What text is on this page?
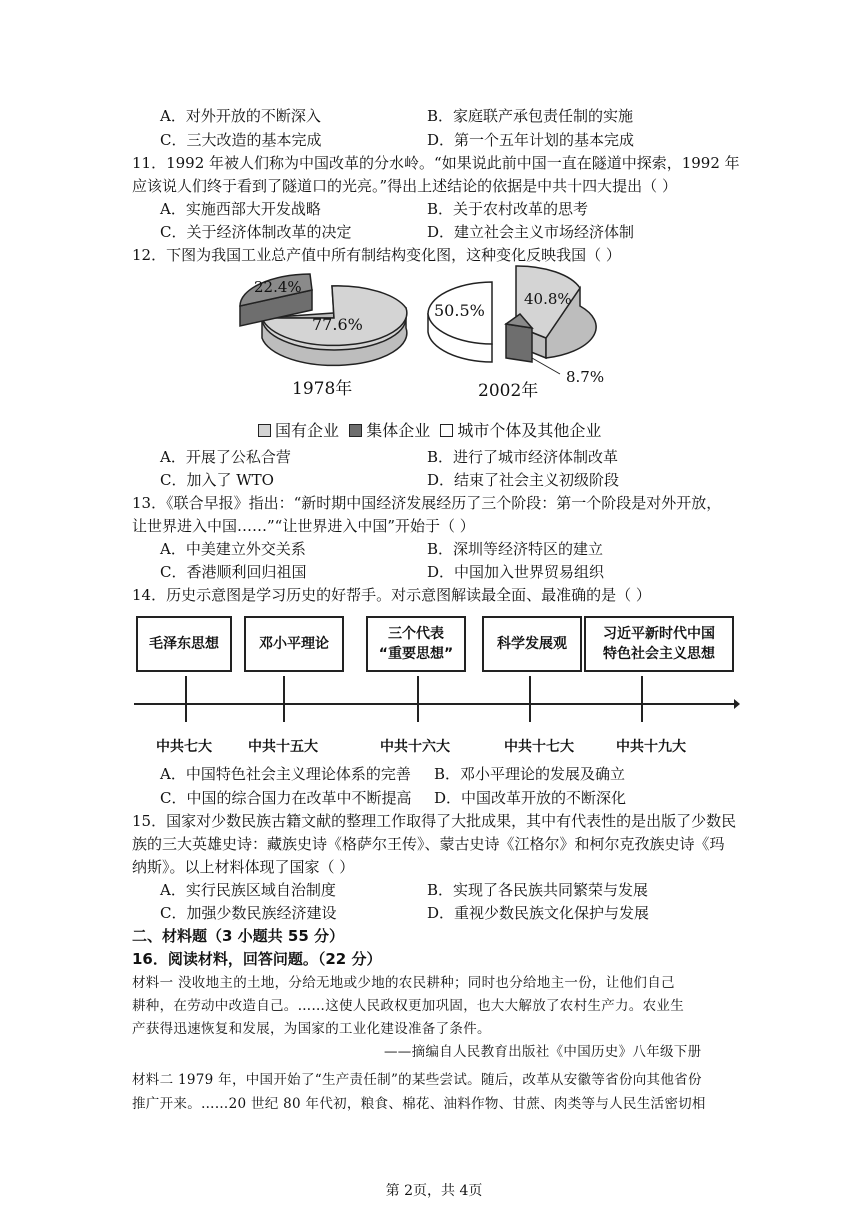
A．对外开放的不断深入	B．家庭联产承包责任制的实施
C．三大改造的基本完成	D．第一个五年计划的基本完成
11．1992 年被人们称为中国改革的分水岭。“如果说此前中国一直在隧道中探索，1992 年
应该说人们终于看到了隧道口的光亮。”得出上述结论的依据是中共十四大提出（ ）
A．实施西部大开发战略	B．关于农村改革的思考
C．关于经济体制改革的决定	D．建立社会主义市场经济体制
12．下图为我国工业总产值中所有制结构变化图，这种变化反映我国（ ）
22.4%
77.6%
1978年
50.5%
40.8%
8.7%
2002年
国有企业 集体企业 城市个体及其他企业
A．开展了公私合营	B．进行了城市经济体制改革
C．加入了 WTO	D．结束了社会主义初级阶段
13．《联合早报》指出：“新时期中国经济发展经历了三个阶段：第一个阶段是对外开放，
让世界进入中国……”“让世界进入中国”开始于（ ）
A．中美建立外交关系	B．深圳等经济特区的建立
C．香港顺利回归祖国	D．中国加入世界贸易组织
14．历史示意图是学习历史的好帮手。对示意图解读最全面、最准确的是（ ）
毛泽东思想	邓小平理论
三个代表
“重要思想”
科学发展观
习近平新时代中国
特色社会主义思想
中共七大	中共十五大	中共十六大	中共十七大	中共十九大
A．中国特色社会主义理论体系的完善 B．邓小平理论的发展及确立
C．中国的综合国力在改革中不断提高 D．中国改革开放的不断深化
15．国家对少数民族古籍文献的整理工作取得了大批成果，其中有代表性的是出版了少数民
族的三大英雄史诗：藏族史诗《格萨尔王传》、蒙古史诗《江格尔》和柯尔克孜族史诗《玛
纳斯》。以上材料体现了国家（ ）
A．实行民族区域自治制度	B．实现了各民族共同繁荣与发展
C．加强少数民族经济建设	D．重视少数民族文化保护与发展
二、材料题（3 小题共 55 分）
16．阅读材料，回答问题。（22 分）
材料一 没收地主的土地，分给无地或少地的农民耕种；同时也分给地主一份，让他们自己
耕种，在劳动中改造自己。……这使人民政权更加巩固，也大大解放了农村生产力。农业生
产获得迅速恢复和发展，为国家的工业化建设准备了条件。
——摘编自人民教育出版社《中国历史》八年级下册
材料二 1979 年，中国开始了“生产责任制”的某些尝试。随后，改革从安徽等省份向其他省份
推广开来。……20 世纪 80 年代初，粮食、棉花、油料作物、甘蔗、肉类等与人民生活密切相
第 2页，共 4页
